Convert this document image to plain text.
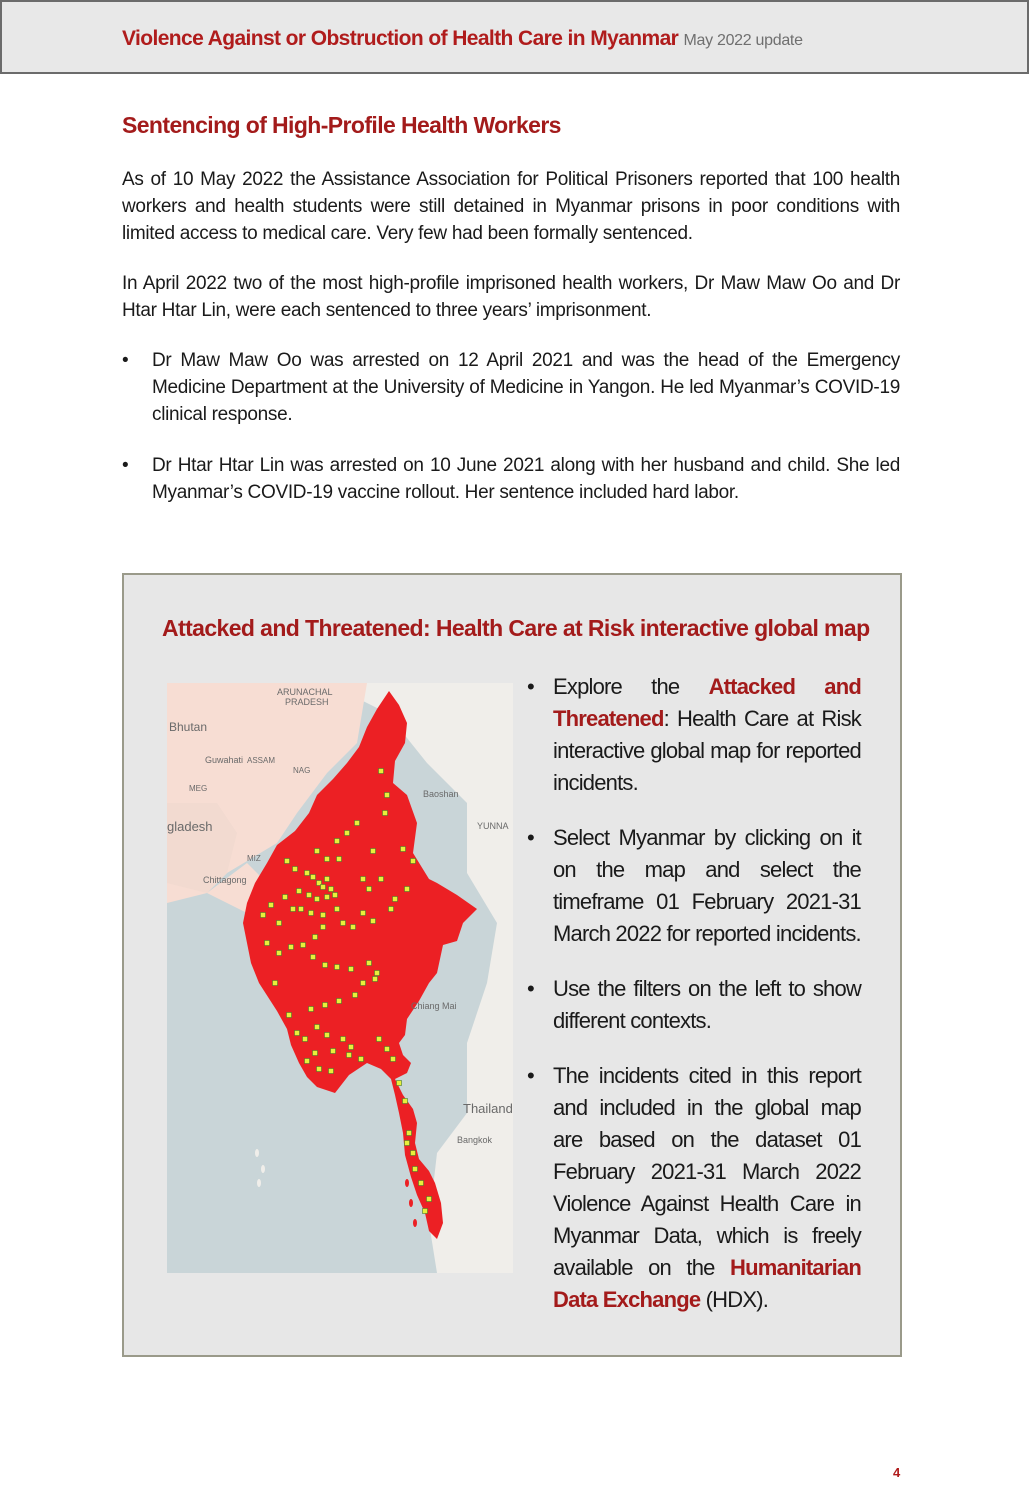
Violence Against or Obstruction of Health Care in Myanmar May 2022 update
Sentencing of High-Profile Health Workers

As of 10 May 2022 the Assistance Association for Political Prisoners reported that 100 health workers and health students were still detained in Myanmar prisons in poor conditions with limited access to medical care. Very few had been formally sentenced.

In April 2022 two of the most high-profile imprisoned health workers, Dr Maw Maw Oo and Dr Htar Htar Lin, were each sentenced to three years’ imprisonment.

• Dr Maw Maw Oo was arrested on 12 April 2021 and was the head of the Emergency Medicine Department at the University of Medicine in Yangon. He led Myanmar’s COVID-19 clinical response.
• Dr Htar Htar Lin was arrested on 10 June 2021 along with her husband and child. She led Myanmar’s COVID-19 vaccine rollout. Her sentence included hard labor.
Attacked and Threatened: Health Care at Risk interactive global map
ARUNACHAL
PRADESH
Bhutan
Guwahati ASSAM
NAG
MEG
gladesh
MIZ
Chittagong
Baoshan
YUNNA
Chiang Mai
Thailand
Bangkok
• Explore the Attacked and Threatened: Health Care at Risk interactive global map for reported incidents.
• Select Myanmar by clicking on it on the map and select the timeframe 01 February 2021-31 March 2022 for reported incidents.
• Use the filters on the left to show different contexts.
• The incidents cited in this report and included in the global map are based on the dataset 01 February 2021-31 March 2022 Violence Against Health Care in Myanmar Data, which is freely available on the Humanitarian Data Exchange (HDX).
4
